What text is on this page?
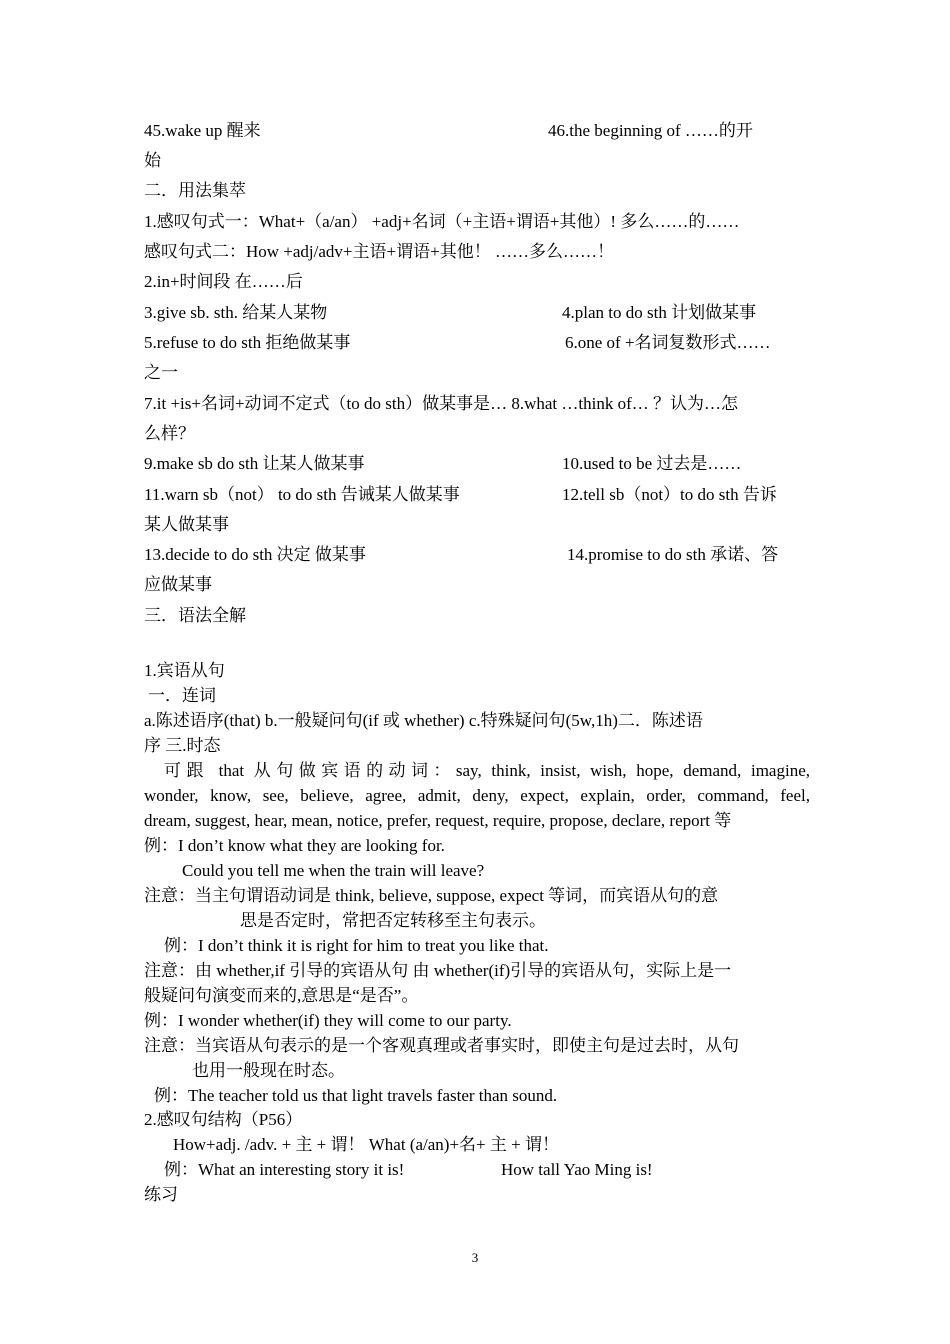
45.wake up 醒来	46.the beginning of ……的开
始
二．用法集萃
1.感叹句式一：What+（a/an） +adj+名词（+主语+谓语+其他）! 多么……的……
感叹句式二：How +adj/adv+主语+谓语+其他！ ……多么……！
2.in+时间段 在……后
3.give sb. sth. 给某人某物	4.plan to do sth 计划做某事
5.refuse to do sth 拒绝做某事	6.one of +名词复数形式……
之一
7.it +is+名词+动词不定式（to do sth）做某事是… 8.what …think of… ？认为…怎
么样？
9.make sb do sth 让某人做某事	10.used to be 过去是……
11.warn sb（not） to do sth 告诫某人做某事	12.tell sb（not）to do sth 告诉
某人做某事
13.decide to do sth 决定 做某事	14.promise to do sth 承诺、答
应做某事
三．语法全解
1.宾语从句
一．连词
a.陈述语序(that) b.一般疑问句(if 或 whether) c.特殊疑问句(5w,1h)二．陈述语
序 三.时态
可跟 that 从句做宾语的动词：say, think, insist, wish, hope, demand, imagine,
wonder, know, see, believe, agree, admit, deny, expect, explain, order, command, feel,
dream, suggest, hear, mean, notice, prefer, request, require, propose, declare, report 等
例：I don’t know what they are looking for.
Could you tell me when the train will leave?
注意：当主句谓语动词是 think, believe, suppose, expect 等词，而宾语从句的意
思是否定时，常把否定转移至主句表示。
例：I don’t think it is right for him to treat you like that.
注意：由 whether,if 引导的宾语从句 由 whether(if)引导的宾语从句，实际上是一
般疑问句演变而来的,意思是“是否”。
例：I wonder whether(if) they will come to our party.
注意：当宾语从句表示的是一个客观真理或者事实时，即使主句是过去时，从句
也用一般现在时态。
例：The teacher told us that light travels faster than sound.
2.感叹句结构（P56）
How+adj. /adv. + 主 + 谓！ What (a/an)+名+ 主 + 谓！
例：What an interesting story it is!	How tall Yao Ming is!
练习
3
